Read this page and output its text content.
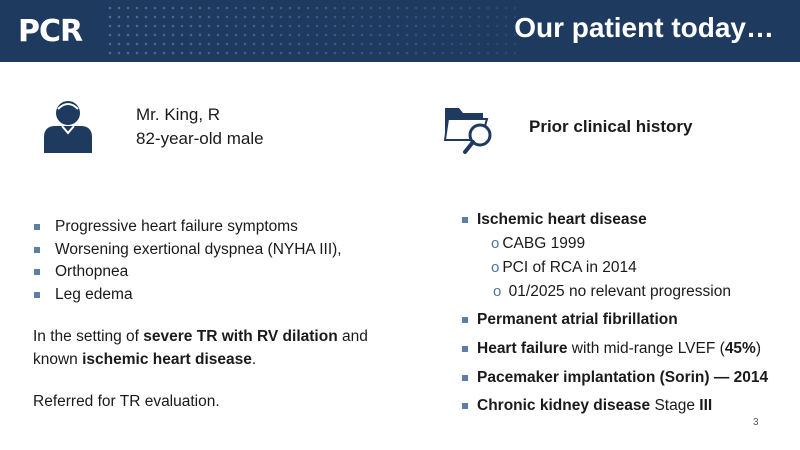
PCR	Our patient today…
Mr. King, R
82-year-old male
Prior clinical history
Progressive heart failure symptoms
Worsening exertional dyspnea (NYHA III),
Orthopnea
Leg edema
In the setting of severe TR with RV dilation and known ischemic heart disease.
Referred for TR evaluation.
Ischemic heart disease
o CABG 1999
o PCI of RCA in 2014
o 01/2025 no relevant progression
Permanent atrial fibrillation
Heart failure with mid-range LVEF (45%)
Pacemaker implantation (Sorin) — 2014
Chronic kidney disease Stage III
3
